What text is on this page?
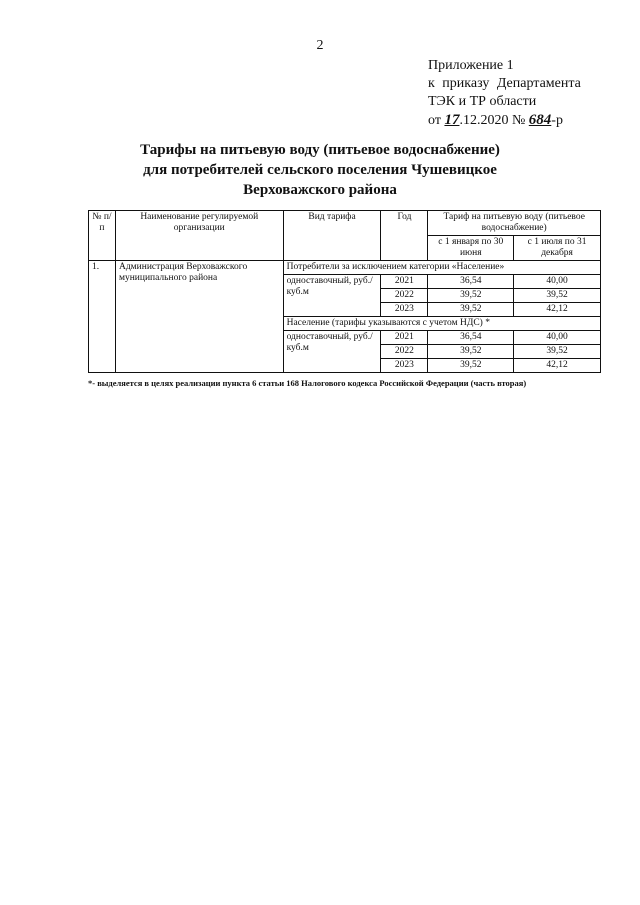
2
Приложение 1
к приказу Департамента
ТЭК и ТР области
от 17.12.2020 № 684-р
Тарифы на питьевую воду (питьевое водоснабжение)
для потребителей сельского поселения Чушевицкое
Верховажского района
№ п/п	Наименование регулируемой организации	Вид тарифа	Год	Тариф на питьевую воду (питьевое водоснабжение)	
				с 1 января по 30 июня	с 1 июля по 31 декабря
1.	Администрация Верховажского муниципального района	Потребители за исключением категории «Население»			
		одноставочный, руб./куб.м	2021	36,54	40,00
			2022	39,52	39,52
			2023	39,52	42,12
		Население (тарифы указываются с учетом НДС) *			
		одноставочный, руб./куб.м	2021	36,54	40,00
			2022	39,52	39,52
			2023	39,52	42,12
*- выделяется в целях реализации пункта 6 статьи 168 Налогового кодекса Российской Федерации (часть вторая)
